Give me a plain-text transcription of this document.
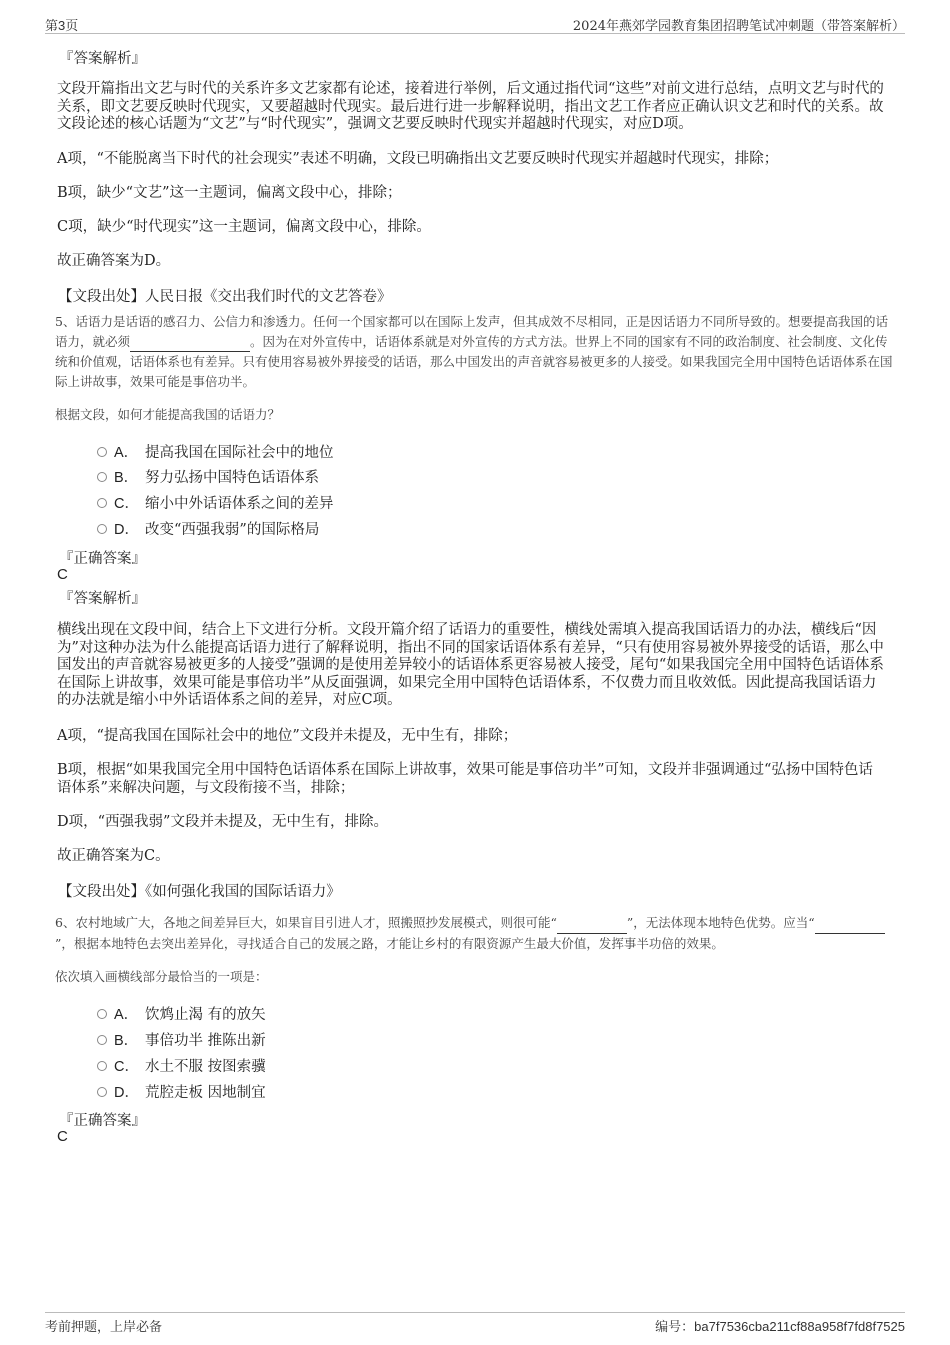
第3页	2024年燕郊学园教育集团招聘笔试冲刺题（带答案解析）
『答案解析』
文段开篇指出文艺与时代的关系许多文艺家都有论述，接着进行举例，后文通过指代词“这些”对前文进行总结，点明文艺与时代的关系，即文艺要反映时代现实，又要超越时代现实。最后进行进一步解释说明，指出文艺工作者应正确认识文艺和时代的关系。故文段论述的核心话题为“文艺”与“时代现实”，强调文艺要反映时代现实并超越时代现实，对应D项。
A项，“不能脱离当下时代的社会现实”表述不明确，文段已明确指出文艺要反映时代现实并超越时代现实，排除；
B项，缺少“文艺”这一主题词，偏离文段中心，排除；
C项，缺少“时代现实”这一主题词，偏离文段中心，排除。
故正确答案为D。
【文段出处】人民日报《交出我们时代的文艺答卷》
5、话语力是话语的感召力、公信力和渗透力。任何一个国家都可以在国际上发声，但其成效不尽相同，正是因话语力不同所导致的。想要提高我国的话语力，就必须	。因为在对外宣传中，话语体系就是对外宣传的方式方法。世界上不同的国家有不同的政治制度、社会制度、文化传统和价值观，话语体系也有差异。只有使用容易被外界接受的话语，那么中国发出的声音就容易被更多的人接受。如果我国完全用中国特色话语体系在国际上讲故事，效果可能是事倍功半。
根据文段，如何才能提高我国的话语力？
A． 提高我国在国际社会中的地位
B． 努力弘扬中国特色话语体系
C． 缩小中外话语体系之间的差异
D． 改变“西强我弱”的国际格局
『正确答案』
C
『答案解析』
横线出现在文段中间，结合上下文进行分析。文段开篇介绍了话语力的重要性，横线处需填入提高我国话语力的办法，横线后“因为”对这种办法为什么能提高话语力进行了解释说明，指出不同的国家话语体系有差异，“只有使用容易被外界接受的话语，那么中国发出的声音就容易被更多的人接受”强调的是使用差异较小的话语体系更容易被人接受，尾句“如果我国完全用中国特色话语体系在国际上讲故事，效果可能是事倍功半”从反面强调，如果完全用中国特色话语体系，不仅费力而且收效低。因此提高我国话语力的办法就是缩小中外话语体系之间的差异，对应C项。
A项，“提高我国在国际社会中的地位”文段并未提及，无中生有，排除；
B项，根据“如果我国完全用中国特色话语体系在国际上讲故事，效果可能是事倍功半”可知，文段并非强调通过“弘扬中国特色话语体系”来解决问题，与文段衔接不当，排除；
D项，“西强我弱”文段并未提及，无中生有，排除。
故正确答案为C。
【文段出处】《如何强化我国的国际话语力》
6、农村地域广大，各地之间差异巨大，如果盲目引进人才，照搬照抄发展模式，则很可能“	”，无法体现本地特色优势。应当“ ”，根据本地特色去突出差异化，寻找适合自己的发展之路，才能让乡村的有限资源产生最大价值，发挥事半功倍的效果。
依次填入画横线部分最恰当的一项是：
A． 饮鸩止渴 有的放矢
B． 事倍功半 推陈出新
C． 水土不服 按图索骥
D． 荒腔走板 因地制宜
『正确答案』
C
考前押题，上岸必备	编号：ba7f7536cba211cf88a958f7fd8f7525
